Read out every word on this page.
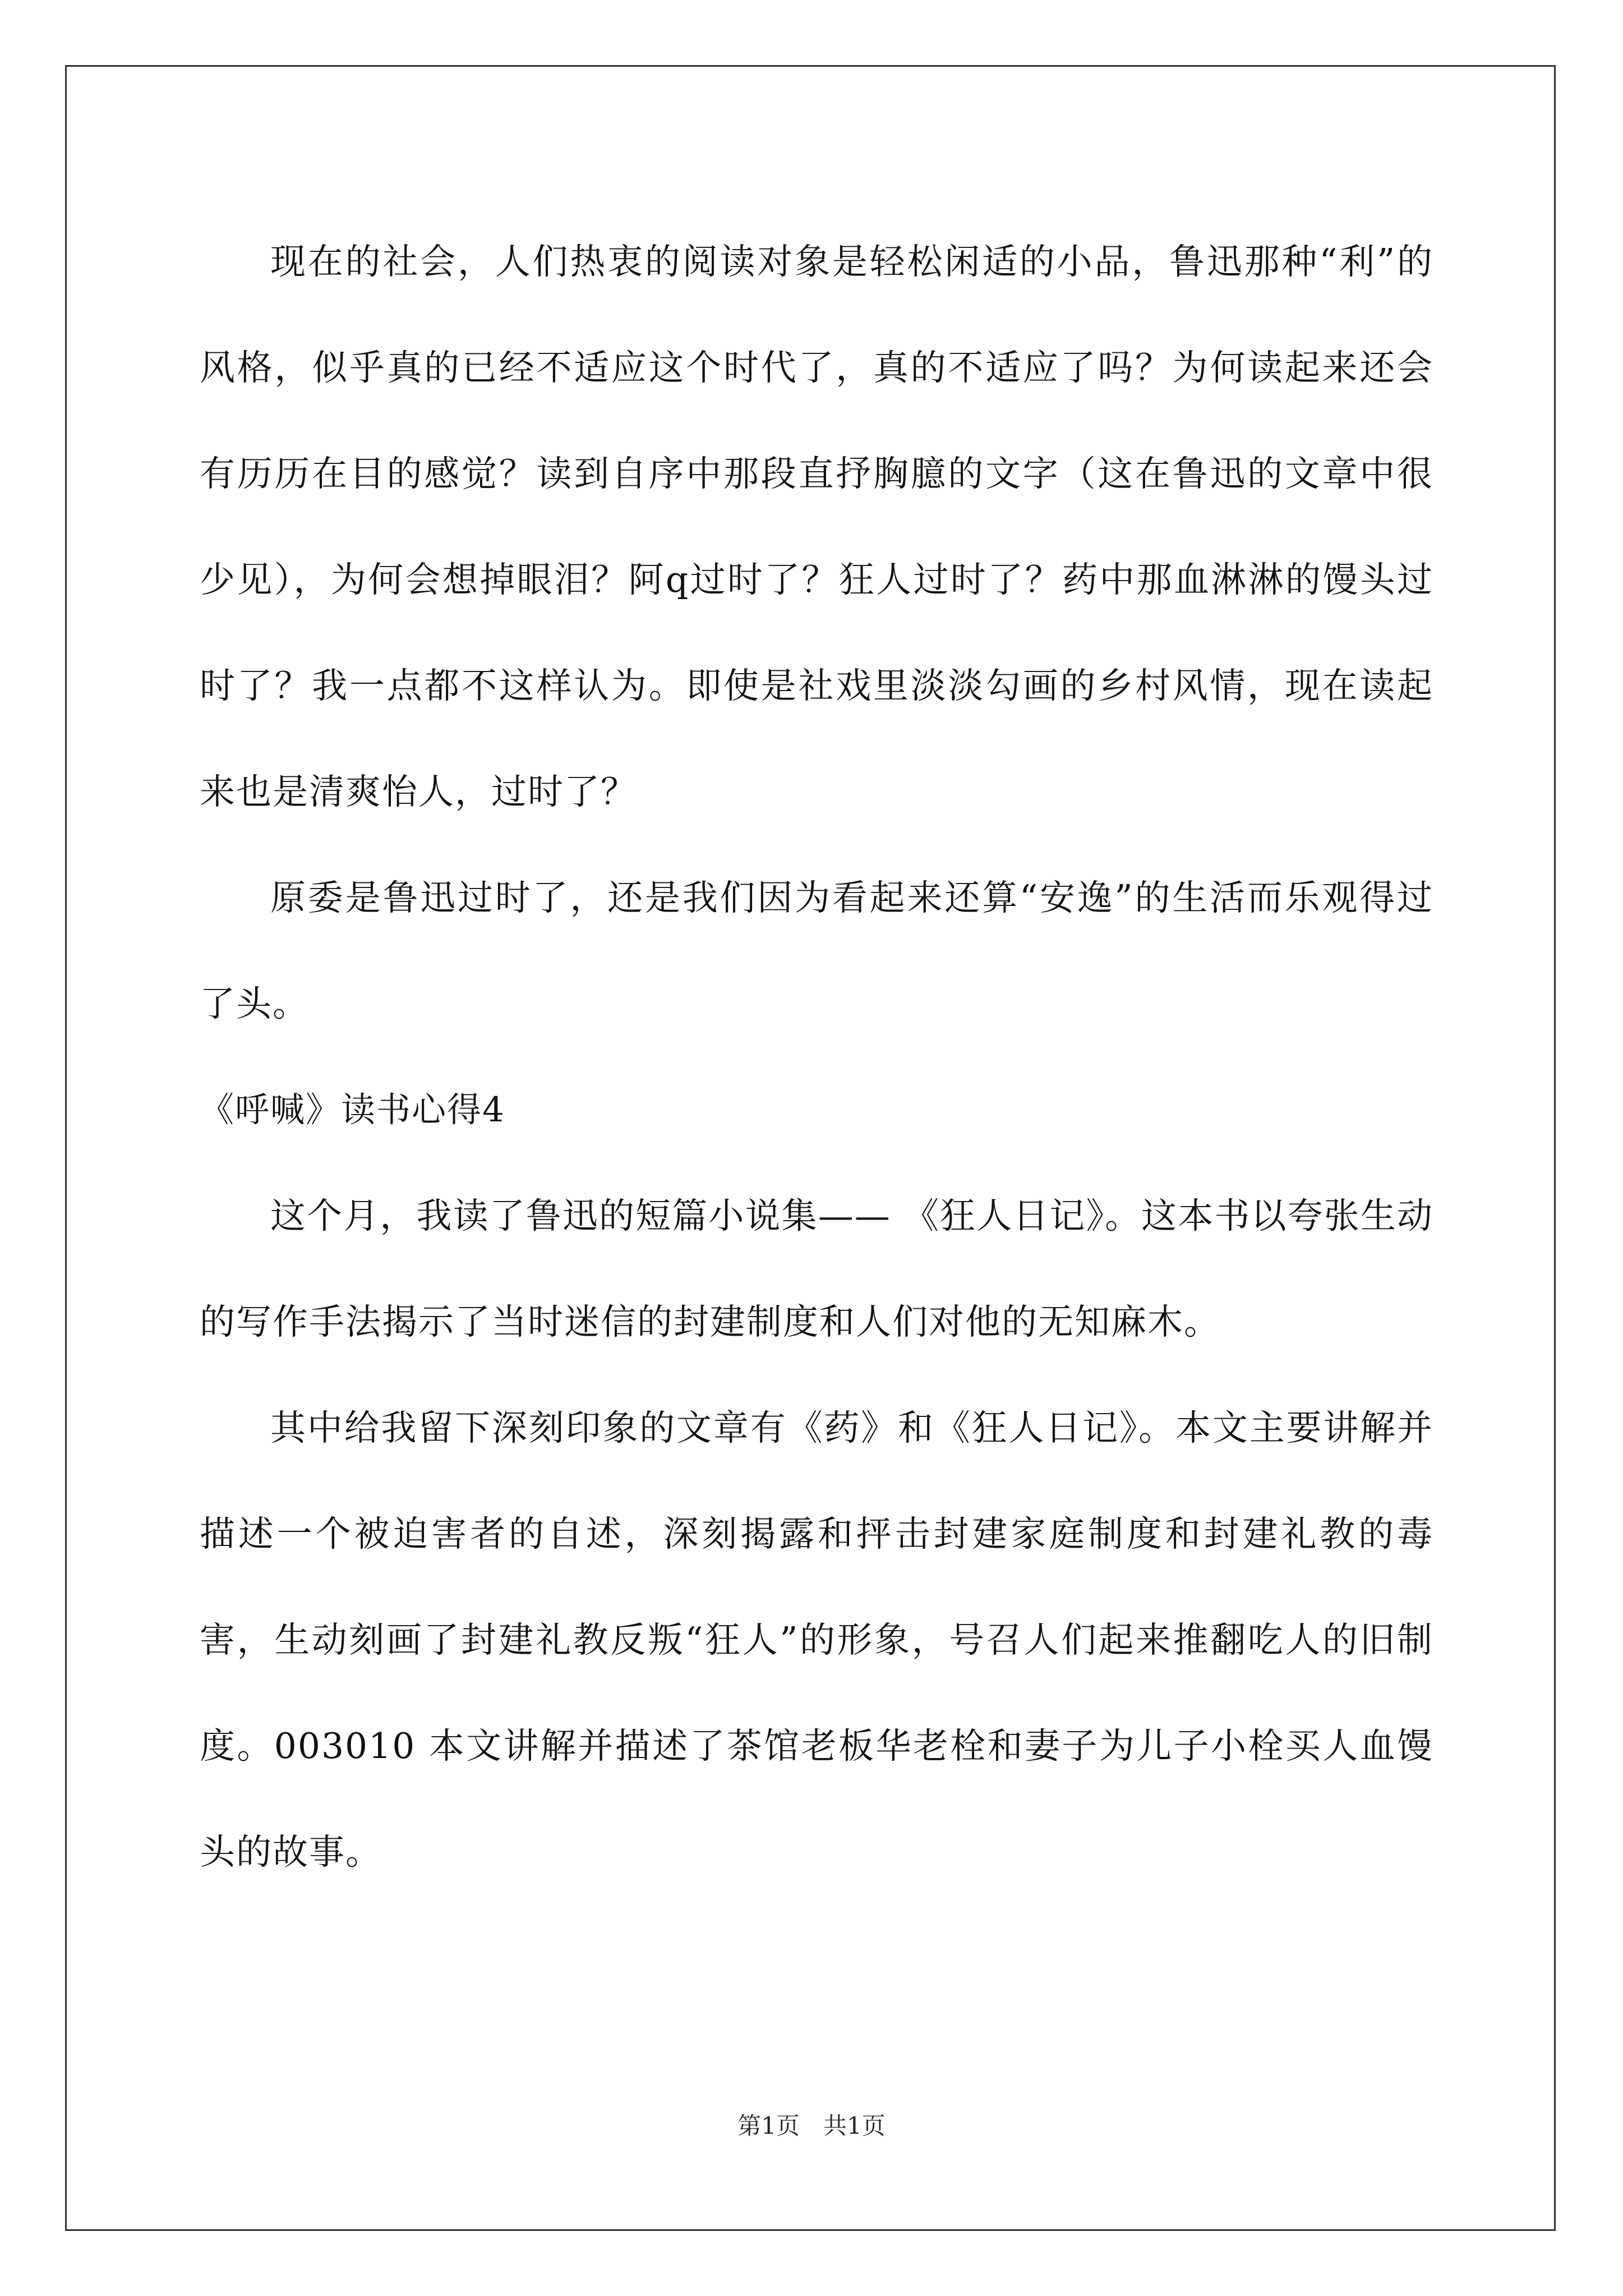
现在的社会，人们热衷的阅读对象是轻松闲适的小品，鲁迅那种“利”的风格，似乎真的已经不适应这个时代了，真的不适应了吗？为何读起来还会有历历在目的感觉？读到自序中那段直抒胸臆的文字（这在鲁迅的文章中很少见），为何会想掉眼泪？阿q过时了？狂人过时了？药中那血淋淋的馒头过时了？我一点都不这样认为。即使是社戏里淡淡勾画的乡村风情，现在读起来也是清爽怡人，过时了？

原委是鲁迅过时了，还是我们因为看起来还算“安逸”的生活而乐观得过了头。

《呼喊》读书心得4

这个月，我读了鲁迅的短篇小说集—— 《狂人日记》。这本书以夸张生动的写作手法揭示了当时迷信的封建制度和人们对他的无知麻木。

其中给我留下深刻印象的文章有《药》和《狂人日记》。本文主要讲解并描述一个被迫害者的自述，深刻揭露和抨击封建家庭制度和封建礼教的毒害，生动刻画了封建礼教反叛“狂人”的形象，号召人们起来推翻吃人的旧制度。003010 本文讲解并描述了茶馆老板华老栓和妻子为儿子小栓买人血馒头的故事。

第1页 共1页
